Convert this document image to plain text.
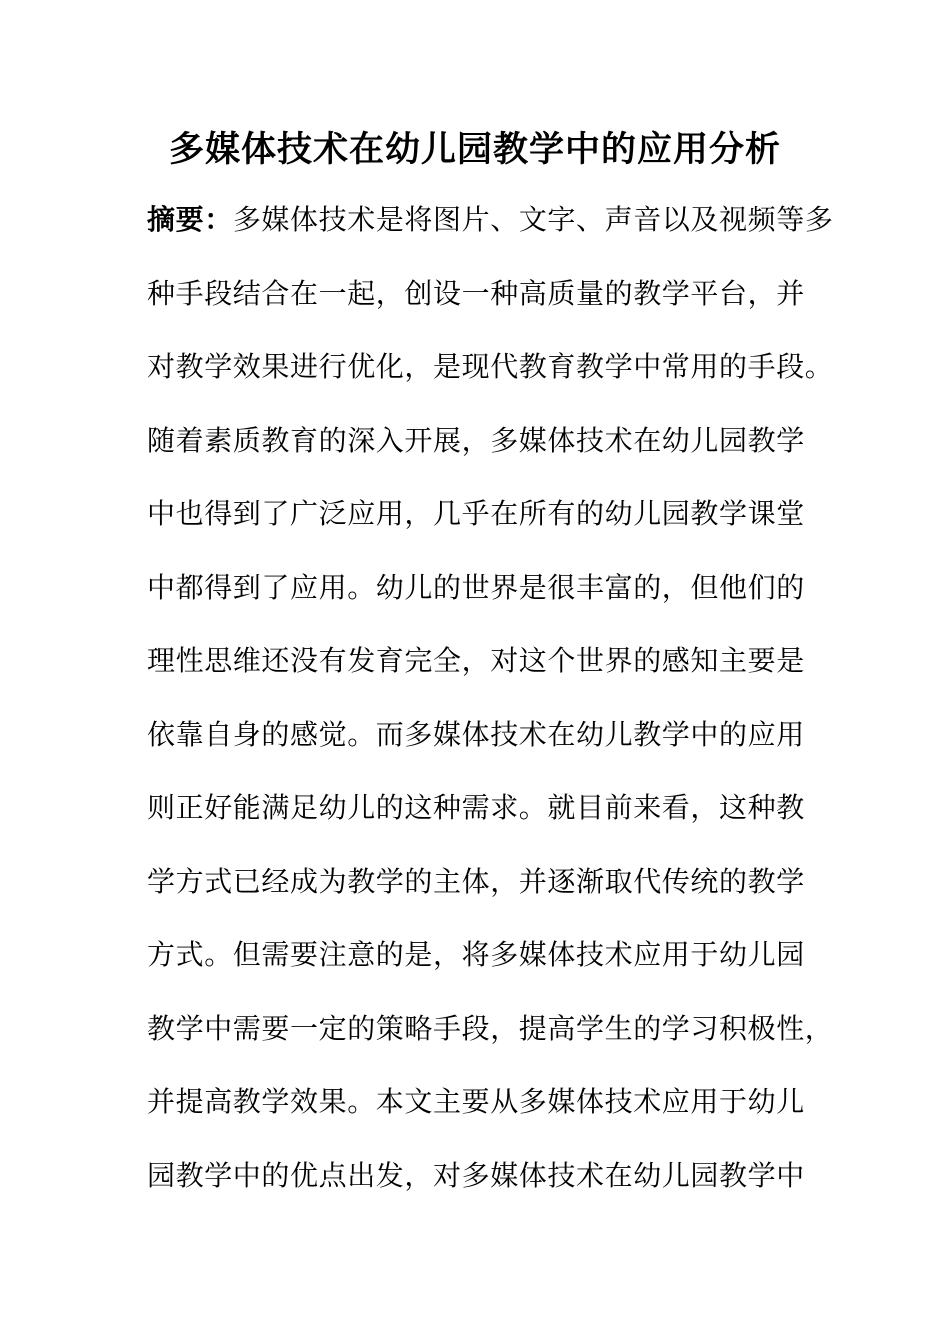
多媒体技术在幼儿园教学中的应用分析
摘要：多媒体技术是将图片、文字、声音以及视频等多
种手段结合在一起，创设一种高质量的教学平台，并
对教学效果进行优化，是现代教育教学中常用的手段。
随着素质教育的深入开展，多媒体技术在幼儿园教学
中也得到了广泛应用，几乎在所有的幼儿园教学课堂
中都得到了应用。幼儿的世界是很丰富的，但他们的
理性思维还没有发育完全，对这个世界的感知主要是
依靠自身的感觉。而多媒体技术在幼儿教学中的应用
则正好能满足幼儿的这种需求。就目前来看，这种教
学方式已经成为教学的主体，并逐渐取代传统的教学
方式。但需要注意的是，将多媒体技术应用于幼儿园
教学中需要一定的策略手段，提高学生的学习积极性，
并提高教学效果。本文主要从多媒体技术应用于幼儿
园教学中的优点出发，对多媒体技术在幼儿园教学中
